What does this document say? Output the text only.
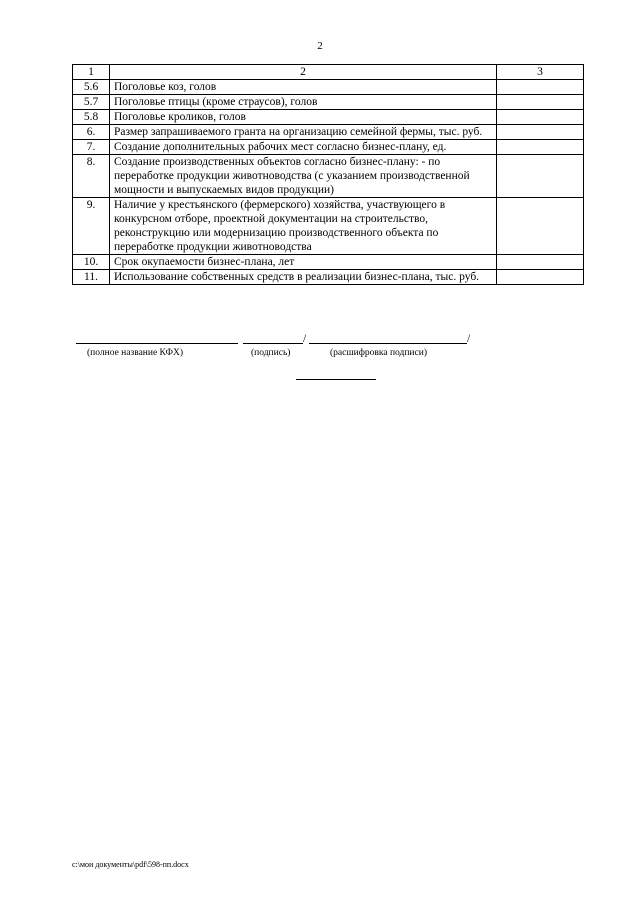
2
1	2	3
5.6	Поголовье коз, голов	
5.7	Поголовье птицы (кроме страусов), голов	
5.8	Поголовье кроликов, голов	
6.	Размер запрашиваемого гранта на организацию семейной фермы, тыс. руб.	
7.	Создание дополнительных рабочих мест согласно бизнес-плану, ед.	
8.	Создание производственных объектов согласно бизнес-плану: - по переработке продукции животноводства (с указанием производственной мощности и выпускаемых видов продукции)	
9.	Наличие у крестьянского (фермерского) хозяйства, участвующего в конкурсном отборе, проектной документации на строительство, реконструкцию или модернизацию производственного объекта по переработке продукции животноводства	
10.	Срок окупаемости бизнес-плана, лет	
11.	Использование собственных средств в реализации бизнес-плана, тыс. руб.	
/	/
(полное название КФХ)	(подпись)	(расшифровка подписи)
c:\мои документы\pdf\598-пп.docx
